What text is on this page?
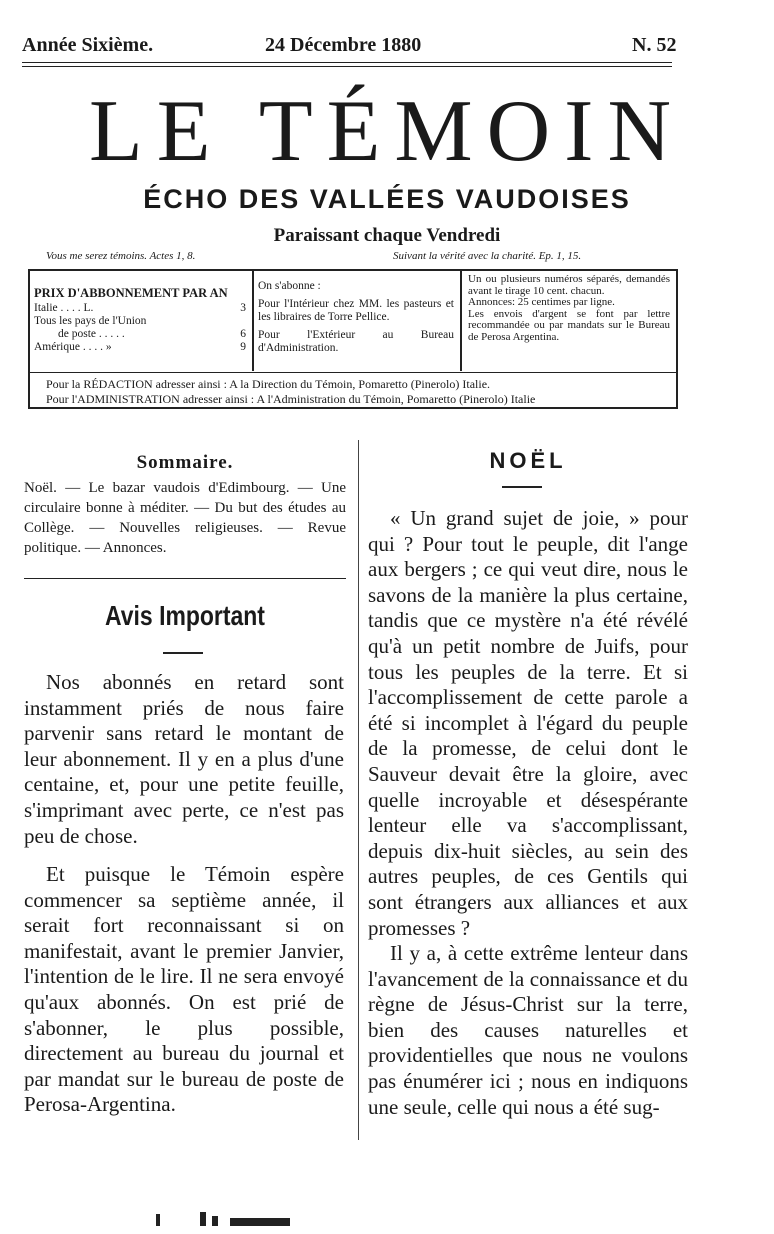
Année Sixième.	24 Décembre 1880	N. 52
LE TÉMOIN
ÉCHO DES VALLÉES VAUDOISES
Paraissant chaque Vendredi
Vous me serez témoins. Actes 1, 8.	Suivant la vérité avec la charité. Ep. 1, 15.
PRIX D'ABBONNEMENT PAR AN
Italie . . . . L.	3
Tous les pays de l'Union
de poste . . . . .	6
Amérique . . . . »	9
On s'abonne :
Pour l'Intérieur chez MM. les pasteurs et les libraires de Torre Pellice.
Pour l'Extérieur au Bureau d'Administration.
Un ou plusieurs numéros séparés, demandés avant le tirage 10 cent. chacun.
Annonces: 25 centimes par ligne.
Les envois d'argent se font par lettre recommandée ou par mandats sur le Bureau de Perosa Argentina.
Pour la RÉDACTION adresser ainsi : A la Direction du Témoin, Pomaretto (Pinerolo) Italie.
Pour l'ADMINISTRATION adresser ainsi : A l'Administration du Témoin, Pomaretto (Pinerolo) Italie
Sommaire.
Noël. — Le bazar vaudois d'Edimbourg. — Une circulaire bonne à méditer. — Du but des études au Collège. — Nouvelles religieuses. — Revue politique. — Annonces.
Avis Important
Nos abonnés en retard sont instamment priés de nous faire parvenir sans retard le montant de leur abonnement. Il y en a plus d'une centaine, et, pour une petite feuille, s'imprimant avec perte, ce n'est pas peu de chose.
Et puisque le Témoin espère commencer sa septième année, il serait fort reconnaissant si on manifestait, avant le premier Janvier, l'intention de le lire. Il ne sera envoyé qu'aux abonnés. On est prié de s'abonner, le plus possible, directement au bureau du journal et par mandat sur le bureau de poste de Perosa-Argentina.
NOËL
« Un grand sujet de joie, » pour qui ? Pour tout le peuple, dit l'ange aux bergers ; ce qui veut dire, nous le savons de la manière la plus certaine, tandis que ce mystère n'a été révélé qu'à un petit nombre de Juifs, pour tous les peuples de la terre. Et si l'accomplissement de cette parole a été si incomplet à l'égard du peuple de la promesse, de celui dont le Sauveur devait être la gloire, avec quelle incroyable et désespérante lenteur elle va s'accomplissant, depuis dix-huit siècles, au sein des autres peuples, de ces Gentils qui sont étrangers aux alliances et aux promesses ?
Il y a, à cette extrême lenteur dans l'avancement de la connaissance et du règne de Jésus-Christ sur la terre, bien des causes naturelles et providentielles que nous ne voulons pas énumérer ici ; nous en indiquons une seule, celle qui nous a été sug-
